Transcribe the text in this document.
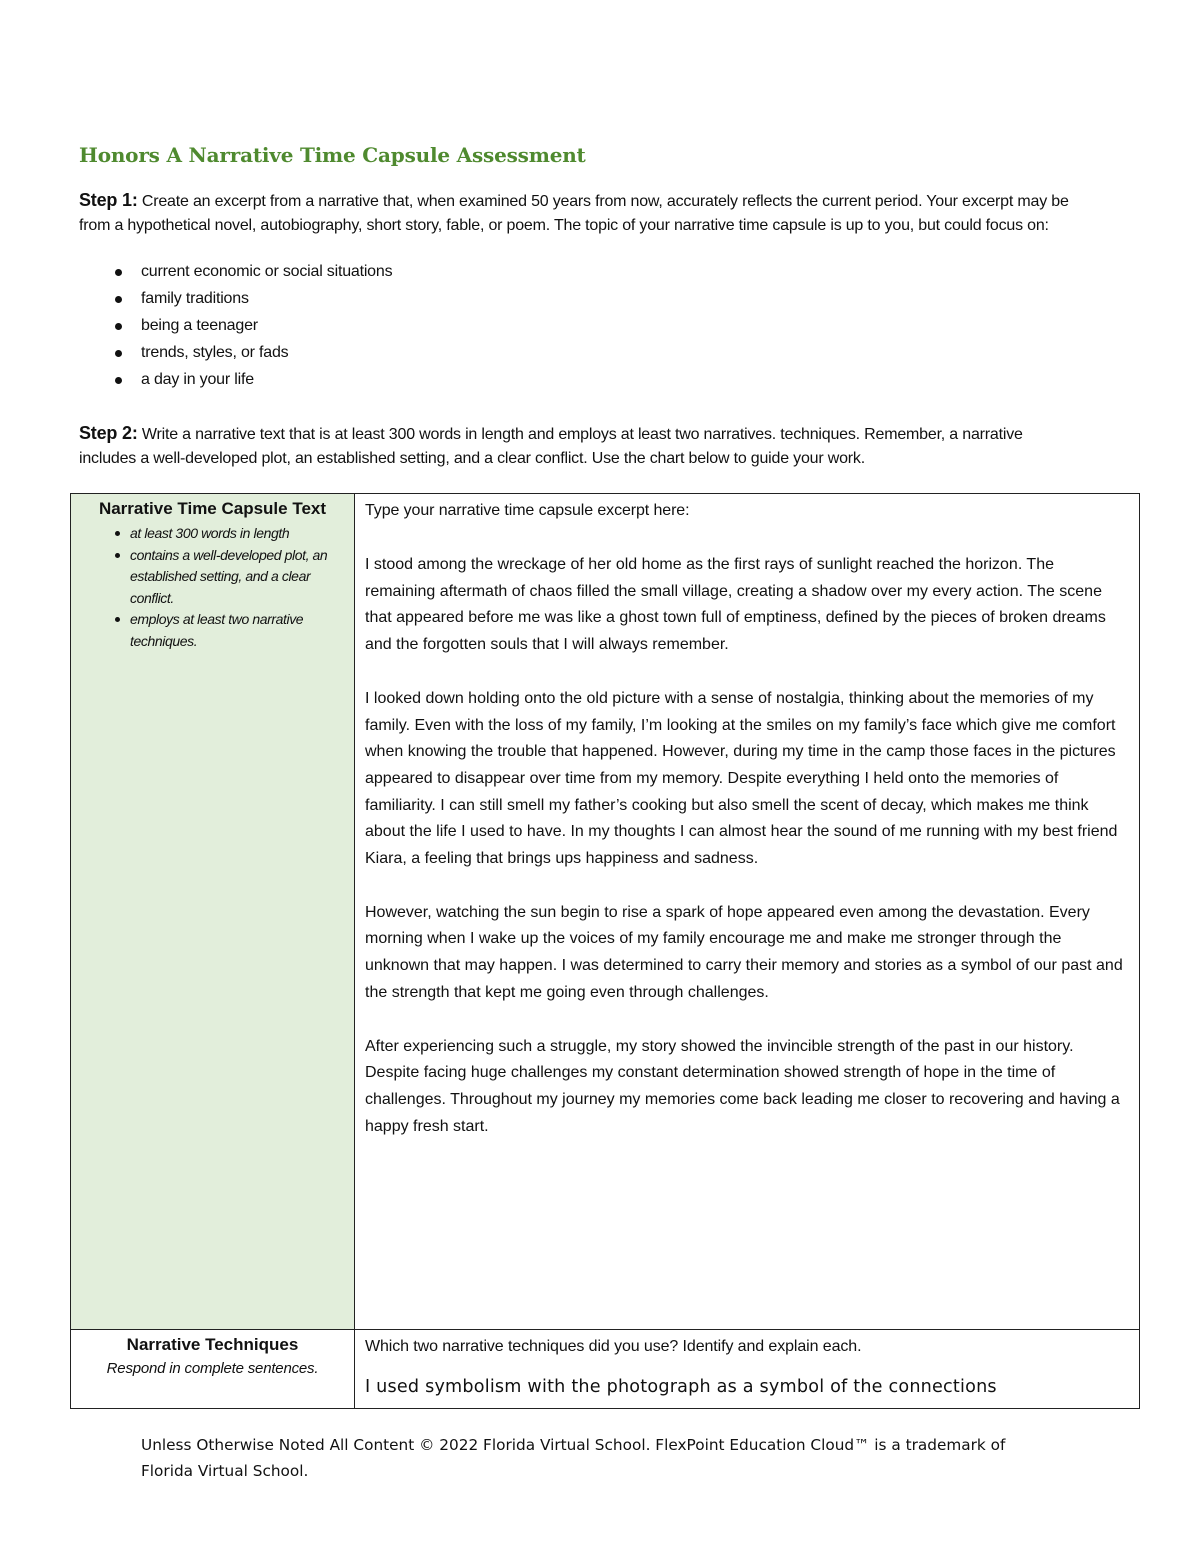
Honors A Narrative Time Capsule Assessment
Step 1: Create an excerpt from a narrative that, when examined 50 years from now, accurately reflects the current period. Your excerpt may be from a hypothetical novel, autobiography, short story, fable, or poem. The topic of your narrative time capsule is up to you, but could focus on:
current economic or social situations
family traditions
being a teenager
trends, styles, or fads
a day in your life
Step 2: Write a narrative text that is at least 300 words in length and employs at least two narratives. techniques. Remember, a narrative includes a well-developed plot, an established setting, and a clear conflict. Use the chart below to guide your work.
Narrative Time Capsule Text
at least 300 words in length
contains a well-developed plot, an established setting, and a clear conflict.
employs at least two narrative techniques.

Type your narrative time capsule excerpt here:

I stood among the wreckage of her old home as the first rays of sunlight reached the horizon. The remaining aftermath of chaos filled the small village, creating a shadow over my every action. The scene that appeared before me was like a ghost town full of emptiness, defined by the pieces of broken dreams and the forgotten souls that I will always remember.

I looked down holding onto the old picture with a sense of nostalgia, thinking about the memories of my family. Even with the loss of my family, I’m looking at the smiles on my family’s face which give me comfort when knowing the trouble that happened. However, during my time in the camp those faces in the pictures appeared to disappear over time from my memory. Despite everything I held onto the memories of familiarity. I can still smell my father’s cooking but also smell the scent of decay, which makes me think about the life I used to have. In my thoughts I can almost hear the sound of me running with my best friend Kiara, a feeling that brings ups happiness and sadness.

However, watching the sun begin to rise a spark of hope appeared even among the devastation. Every morning when I wake up the voices of my family encourage me and make me stronger through the unknown that may happen. I was determined to carry their memory and stories as a symbol of our past and the strength that kept me going even through challenges.

After experiencing such a struggle, my story showed the invincible strength of the past in our history. Despite facing huge challenges my constant determination showed strength of hope in the time of challenges. Throughout my journey my memories come back leading me closer to recovering and having a happy fresh start.

Narrative Techniques
Respond in complete sentences.
Which two narrative techniques did you use? Identify and explain each.
I used symbolism with the photograph as a symbol of the connections
Unless Otherwise Noted All Content © 2022 Florida Virtual School. FlexPoint Education Cloud™ is a trademark of Florida Virtual School.
